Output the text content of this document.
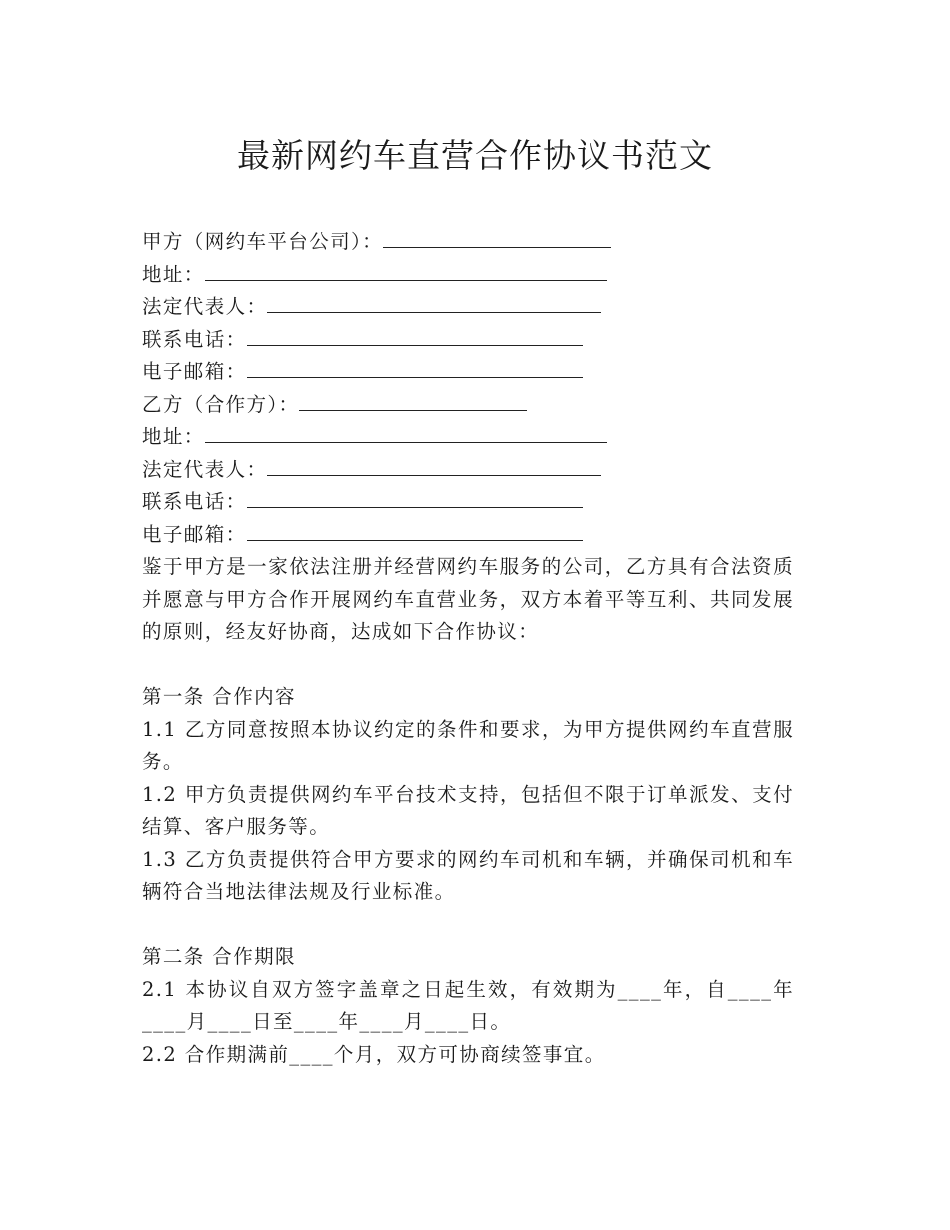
最新网约车直营合作协议书范文
甲方（网约车平台公司）：
地址：
法定代表人：
联系电话：
电子邮箱：
乙方（合作方）：
地址：
法定代表人：
联系电话：
电子邮箱：

鉴于甲方是一家依法注册并经营网约车服务的公司，乙方具有合法资质并愿意与甲方合作开展网约车直营业务，双方本着平等互利、共同发展的原则，经友好协商，达成如下合作协议：

第一条 合作内容

1.1 乙方同意按照本协议约定的条件和要求，为甲方提供网约车直营服务。

1.2 甲方负责提供网约车平台技术支持，包括但不限于订单派发、支付结算、客户服务等。

1.3 乙方负责提供符合甲方要求的网约车司机和车辆，并确保司机和车辆符合当地法律法规及行业标准。

第二条 合作期限

2.1 本协议自双方签字盖章之日起生效，有效期为____年，自____年____月____日至____年____月____日。

2.2 合作期满前____个月，双方可协商续签事宜。
